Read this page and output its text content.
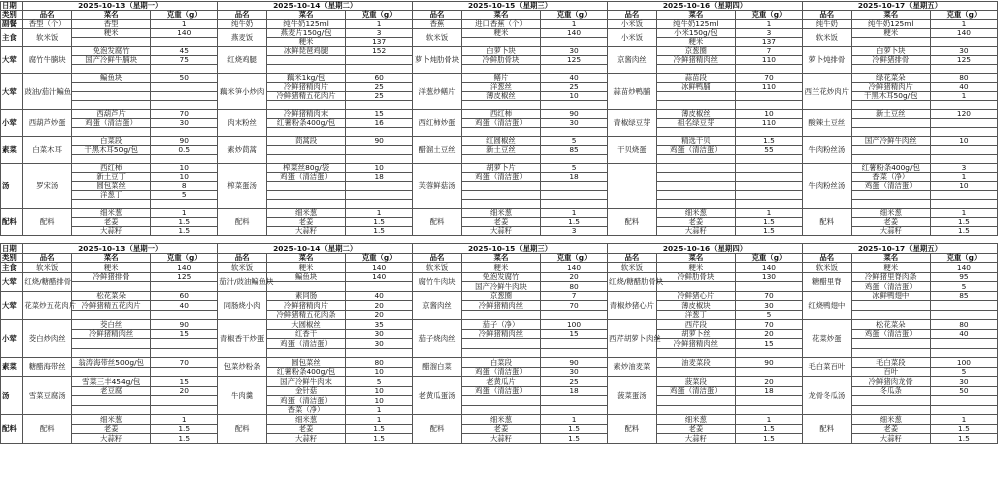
日期	2025-10-13（星期一）			2025-10-14（星期二）			2025-10-15（星期三）			2025-10-16（星期四）			2025-10-17（星期五）		
类别	品名	菜名	克重（g）	品名	菜名	克重（g）	品名	菜名	克重（g）	品名	菜名	克重（g）	品名	菜名	克重（g）
副餐	香型（个）	香型	1	纯牛奶	纯牛奶125ml	1	香蕉	进口香蕉（个）	1	小米饭	纯牛奶125ml	1	纯牛奶	纯牛奶125ml	1
主食	软米饭	粳米	140	燕麦饭	燕麦片150g/包	3	软米饭	粳米	140	小米饭	小米150g/包	3	软米饭	粳米	140
					粳米	137					粳米	137			
大荤	腐竹牛腩块	免泡发腐竹	45	红烧鸡腿	冰鲜琵琶鸡腿	152	萝卜炖肋骨块	白萝卜块	30	京酱肉丝	京葱圈	7	萝卜炖排骨	白萝卜块	30
		国产冷鲜牛腩块	75					冷鲜肋骨块	125		冷鲜猪精肉丝	110		冷鲜猪排骨	125

大荤	豉油/茄汁鳊鱼	鳊鱼块	50	藕米笋小炒肉	藕米1kg/包	60	洋葱炒鳝片	鳝片	40	蒜苗炒鸭脯	蒜苗段	70	西兰花炒肉片	绿花菜朵	80
					冷鲜猪精肉片	25		洋葱丝	25		冰鲜鸭脯	110		冷鲜猪精肉片	40
					冷鲜猪精五花肉片	25		薄皮椒丝	10					干黑木耳50g/包	1

小荤	西葫芦炒蛋	西葫芦片	70	肉末粉丝	冷鲜猪精肉末	15	西红柿炒蛋	西红柿	90	青椒绿豆芽	薄皮椒丝	10	酸辣土豆丝	新土豆丝	120
		鸡蛋（清洁蛋）	30		红薯粉条400g/包	16		鸡蛋（清洁蛋）	30		祖名绿豆芽	110			

素菜	白菜木耳	白菜段	90	素炒茼蒿	茼蒿段	90	醋溜土豆丝	红圆椒丝	5	干贝烧蛋	精选干贝	1.5	牛肉粉丝汤	国产冷鲜牛肉丝	10
		干黑木耳50g/包	0.5					新土豆丝	85		鸡蛋（清洁蛋）	55			

汤	罗宋汤	西红柿	10	榨菜蛋汤	榨菜丝80g/袋	10	芙蓉鲜菇汤	胡萝卜片	5				牛肉粉丝汤	红薯粉条400g/包	3
		新土豆丁	10		鸡蛋（清洁蛋）	18		鸡蛋（清洁蛋）	18					香菜（净）	1
		圆包菜丝	8											鸡蛋（清洁蛋）	10
		洋葱丁	5												

配料	配料	细米葱	1	配料	细米葱	1	配料	细米葱	1	配料	细米葱	1	配料	细米葱	1
		老姜	1.5		老姜	1.5		老姜	1.5		老姜	1.5		老姜	1.5
		大蒜籽	1.5		大蒜籽	1.5		大蒜籽	3		大蒜籽	1.5		大蒜籽	1.5
日期	2025-10-13（星期一）			2025-10-14（星期二）			2025-10-15（星期三）			2025-10-16（星期四）			2025-10-17（星期五）		
类别	品名	菜名	克重（g）	品名	菜名	克重（g）	品名	菜名	克重（g）	品名	菜名	克重（g）	品名	菜名	克重（g）
主食	软米饭	粳米	140	软米饭	粳米	140	软米饭	粳米	140	软米饭	粳米	140	软米饭	粳米	140
大荤	红烧/糖醋排骨	冷鲜猪排骨	125	茄汁/豉油鳊鱼块	鳊鱼块	140	腐竹牛肉块	免泡发腐竹	20	红烧/糖醋肋骨块	冷鲜肋骨块	130	糖醋里脊	冷鲜猪里脊肉条	95
								国产冷鲜牛肉块	80					鸡蛋（清洁蛋）	5
大荤	花菜炒五花肉片	松花菜朵	60	同肠烧小肉	素同肠	40	京酱肉丝	京葱圈	7	青椒炒猪心片	冷鲜猪心片	70	红烧鸭翅中	冰鲜鸭翅中	85
		冷鲜猪精五花肉片	40		冷鲜猪精肉片	20		冷鲜猪精肉丝	70		薄皮椒块	30			
					冷鲜猪精五花肉条	20					洋葱丁	5			
小荤	茭白炒肉丝	茭白丝	90	青椒香干炒蛋	大圆椒丝	35	茄子烧肉丝	茄子（净）	100	西芹胡萝卜肉丝	西芹段	70	花菜炒蛋	松花菜朵	80
		冷鲜猪精肉丝	15		红香干	30		冷鲜猪精肉丝	15		胡萝卜丝	20		鸡蛋（清洁蛋）	40
					鸡蛋（清洁蛋）	30					冷鲜猪精肉丝	15			

素菜	糖醋海带丝	翁涛海带丝500g/包	70	包菜炒粉条	圆包菜丝	80	醋溜白菜	白菜段	90	素炒油麦菜	油麦菜段	90	毛白菜百叶	毛白菜段	100
					红薯粉条400g/包	10		鸡蛋（清洁蛋）	30					百叶	5
汤	雪菜豆腐汤	雪菜三丰454g/包	15	牛肉羹	国产冷鲜牛肉末	5	老黄瓜蛋汤	老黄瓜片	25	菠菜蛋汤	菠菜段	20	龙骨冬瓜汤	冷鲜猪肉龙骨	30
		老豆腐	20		金针菇	10		鸡蛋（清洁蛋）	18		鸡蛋（清洁蛋）	18		冬瓜条	50
					鸡蛋（清洁蛋）	10									
					香菜（净）	1									
配料	配料	细米葱	1	配料	细米葱	1	配料	细米葱	1	配料	细米葱	1	配料	细米葱	1
		老姜	1.5		老姜	1.5		老姜	1.5		老姜	1.5		老姜	1.5
		大蒜籽	1.5		大蒜籽	1.5		大蒜籽	1.5		大蒜籽	1.5		大蒜籽	1.5
